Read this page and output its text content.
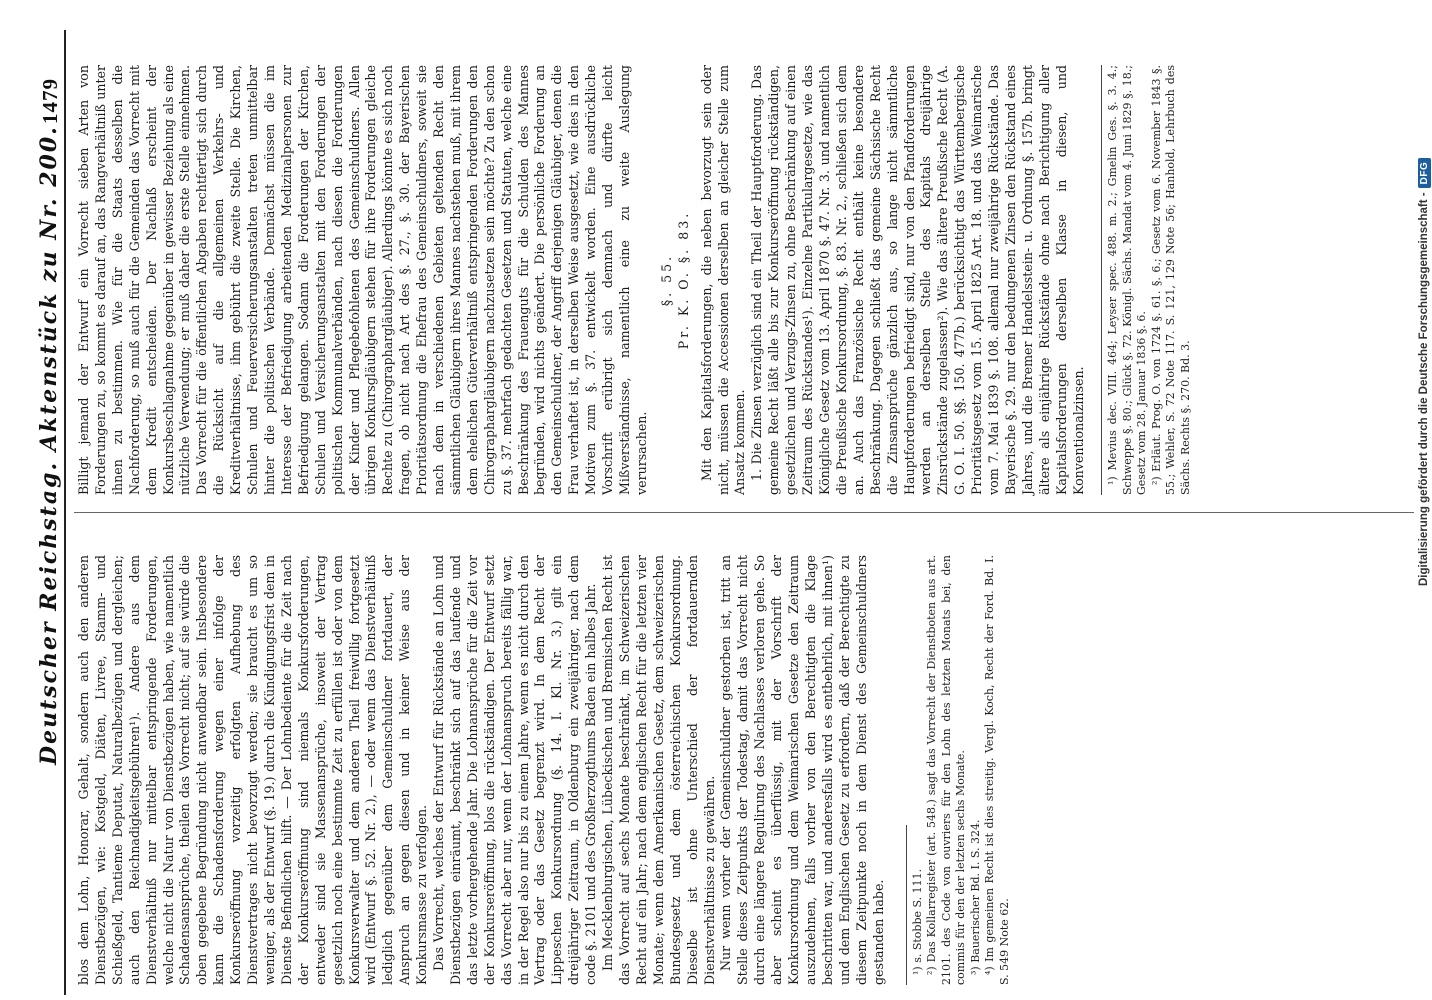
1479
Deutscher Reichstag. Aktenstück zu Nr. 200.

blos dem Lohn, Honorar, Gehalt, sondern auch den anderen Dienstbezügen, wie: Kostgeld, Diäten, Livree, Stamm- und Schießgeld, Tantieme Deputat, Naturalbezügen und dergleichen; auch den Reichnadigkeitsgebühren¹). Andere aus dem Dienstverhältniß nur mittelbar entspringende Forderungen, welche nicht die Natur von Dienstbezügen haben, wie namentlich Schadensansprüche, theilen das Vorrecht nicht; auf sie würde die oben gegebene Begründung nicht anwendbar sein. Insbesondere kann die Schadensforderung wegen einer infolge der Konkurseröffnung vorzeitig erfolgten Aufhebung des Dienstvertrages nicht bevorzugt werden; sie braucht es um so weniger, als der Entwurf (§. 19.) durch die Kündigungsfrist dem in Dienste Befindlichen hilft. — Der Lohnbediente für die Zeit nach der Konkurseröffnung sind niemals Konkursforderungen, entweder sind sie Massenansprüche, insoweit der Vertrag gesetzlich noch eine bestimmte Zeit zu erfüllen ist oder von dem Konkursverwalter und dem anderen Theil freiwillig fortgesetzt wird (Entwurf §. 52. Nr. 2.), — oder wenn das Dienstverhältniß lediglich gegenüber dem Gemeinschuldner fortdauert, der Anspruch an gegen diesen und in keiner Weise aus der Konkursmasse zu verfolgen. Das Vorrecht, welches der Entwurf für Rückstände an Lohn und Dienstbezügen einräumt, beschränkt sich auf das laufende und das letzte vorhergehende Jahr. Die Lohnansprüche für die Zeit vor der Konkurseröffnung, blos die rückständigen. Der Entwurf setzt das Vorrecht aber nur, wenn der Lohnanspruch bereits fällig war, in der Regel also nur bis zu einem Jahre, wenn es nicht durch den Vertrag oder das Gesetz begrenzt wird. In dem Recht der Lippeschen Konkursordnung (§. 14. I. Kl. Nr. 3.) gilt ein dreijähriger Zeitraum, in Oldenburg ein zweijähriger, nach dem code §. 2101 und des Großherzogthums Baden ein halbes Jahr. Im Mecklenburgischen, Lübeckischen und Bremischen Recht ist das Vorrecht auf sechs Monate beschränkt, im Schweizerischen Recht auf ein Jahr; nach dem englischen Recht für die letzten vier Monate; wenn dem Amerikanischen Gesetz, dem schweizerischen Bundesgesetz und dem österreichischen Konkursordnung. Dieselbe ist ohne Unterschied der fortdauernden Dienstverhältnisse zu gewähren. Nur wenn vorher der Gemeinschuldner gestorben ist, tritt an Stelle dieses Zeitpunkts der Todestag, damit das Vorrecht nicht durch eine längere Regulirung des Nachlasses verloren gehe. So aber scheint es überflüssig, mit der Vorschrift der Konkursordnung und dem Weimarischen Gesetze den Zeitraum auszudehnen, falls vorher von den Berechtigten die Klage beschritten war, und anderesfalls wird es entbehrlich, mit ihnen¹) und dem Englischen Gesetz zu erfordern, daß der Berechtigte zu diesem Zeitpunkte noch in dem Dienst des Gemeinschuldners gestanden habe. ¹) s. Stobbe S. 111. ²) Das Kollarregister (art. 548.) sagt das Vorrecht der Dienstboten aus art. 2101. des Code von ouvriers für den Lohn des letzten Monats bei, den commis für den der letzten sechs Monate. ³) Bauerischer Bd. I. S. 324. ⁴) Im gemeinen Recht ist dies streitig. Vergl. Koch, Recht der Ford. Bd. I. S. 549 Note 62.

Billigt jemand der Entwurf ein Vorrecht sieben Arten von Forderungen zu, so kommt es darauf an, das Rangverhältniß unter ihnen zu bestimmen. Wie für die Staats desselben die Nachforderung, so muß auch für die Gemeinden das Vorrecht mit dem Kredit entscheiden. Der Nachlaß erscheint der Konkursbeschlagnahme gegenüber in gewisser Beziehung als eine nützliche Verwendung; er muß daher die erste Stelle einnehmen. Das Vorrecht für die öffentlichen Abgaben rechtfertigt sich durch die Rücksicht auf die allgemeinen Verkehrs- und Kreditverhältnisse, ihm gebührt die zweite Stelle. Die Kirchen, Schulen und Feuerversicherungsanstalten treten unmittelbar hinter die politischen Verbände. Demnächst müssen die im Interesse der Befriedigung arbeitenden Medizinalpersonen zur Befriedigung gelangen. Sodann die Forderungen der Kirchen, Schulen und Versicherungsanstalten mit den Forderungen der politischen Kommunalverbänden, nach diesen die Forderungen der Kinder und Pflegebefohlenen des Gemeinschuldners. Allen übrigen Konkursgläubigern stehen für ihre Forderungen gleiche Rechte zu (Chirographargläubiger). Allerdings könnte es sich noch fragen, ob nicht nach Art des §. 27., §. 30. der Bayerischen Prioritätsordnung die Ehefrau des Gemeinschuldners, soweit sie nach dem in verschiedenen Gebieten geltenden Recht den sämmtlichen Gläubigern ihres Mannes nachstehen muß, mit ihrem dem ehelichen Güterverhältniß entspringenden Forderungen den Chirographargläubigern nachzusetzen sein möchte? Zu den schon zu §. 37. mehrfach gedachten Gesetzen und Statuten, welche eine Beschränkung des Frauenguts für die Schulden des Mannes begründen, wird nichts geändert. Die persönliche Forderung an den Gemeinschuldner, der Angriff derjenigen Gläubiger, denen die Frau verhaftet ist, in derselben Weise ausgesetzt, wie dies in den Motiven zum §. 37. entwickelt worden. Eine ausdrückliche Vorschrift erübrigt sich demnach und dürfte leicht Mißverständnisse, namentlich eine zu weite Auslegung verursachen.

§. 55. Pr. K. O. §. 83. Mit den Kapitalsforderungen, die neben bevorzugt sein oder nicht, müssen die Accessionen derselben an gleicher Stelle zum Ansatz kommen. 1. Die Zinsen verzüglich sind ein Theil der Hauptforderung. Das gemeine Recht läßt alle bis zur Konkurseröffnung rückständigen, gesetzlichen und Verzugs-Zinsen zu, ohne Beschränkung auf einen Zeitraum des Rückstandes¹). Einzelne Partikulargesetze, wie das Königliche Gesetz vom 13. April 1870 §. 47. Nr. 3. und namentlich die Preußische Konkursordnung, §. 83. Nr. 2., schließen sich dem an. Auch das Französische Recht enthält keine besondere Beschränkung. Dagegen schließt das gemeine Sächsische Recht die Zinsansprüche gänzlich aus, so lange nicht sämmtliche Hauptforderungen befriedigt sind, nur von den Pfandforderungen werden an derselben Stelle des Kapitals dreijährige Zinsrückstände zugelassen²). Wie das ältere Preußische Recht (A. G. O. I. 50. §§. 150. 477b.) berücksichtigt das Württembergische Prioritätsgesetz vom 15. April 1825 Art. 18. und das Weimarische vom 7. Mai 1839 §. 108. allemal nur zweijährige Rückstände. Das Bayerische §. 29. nur den bedungenen Zinsen den Rückstand eines Jahres, und die Bremer Handelsstein- u. Ordnung §. 157b. bringt ältere als einjährige Rückstände ohne nach Berichtigung aller Kapitalsforderungen derselben Klasse in diesen, und Konventionalzinsen. ¹) Mevius dec. VIII. 464; Leyser spec. 488. m. 2.; Gmelin Ges. §. 3. 4.; Schweppe §. 80.; Glück §. 72. Königl. Sächs. Mandat vom 4. Juni 1829 §. 18.; Gesetz vom 28. Januar 1836 §. 6. ²) Erläut. Prog. O. von 1724 §. 61. §. 6.; Gesetz vom 6. November 1843 §. 55.; Wehler, S. 72 Note 117. S. 121, 129 Note 56; Hanhold, Lehrbuch des Sächs. Rechts §. 270. Bd. 3.	Digitalisierung gefördert durch die Deutsche Forschungsgemeinschaft -DFG
